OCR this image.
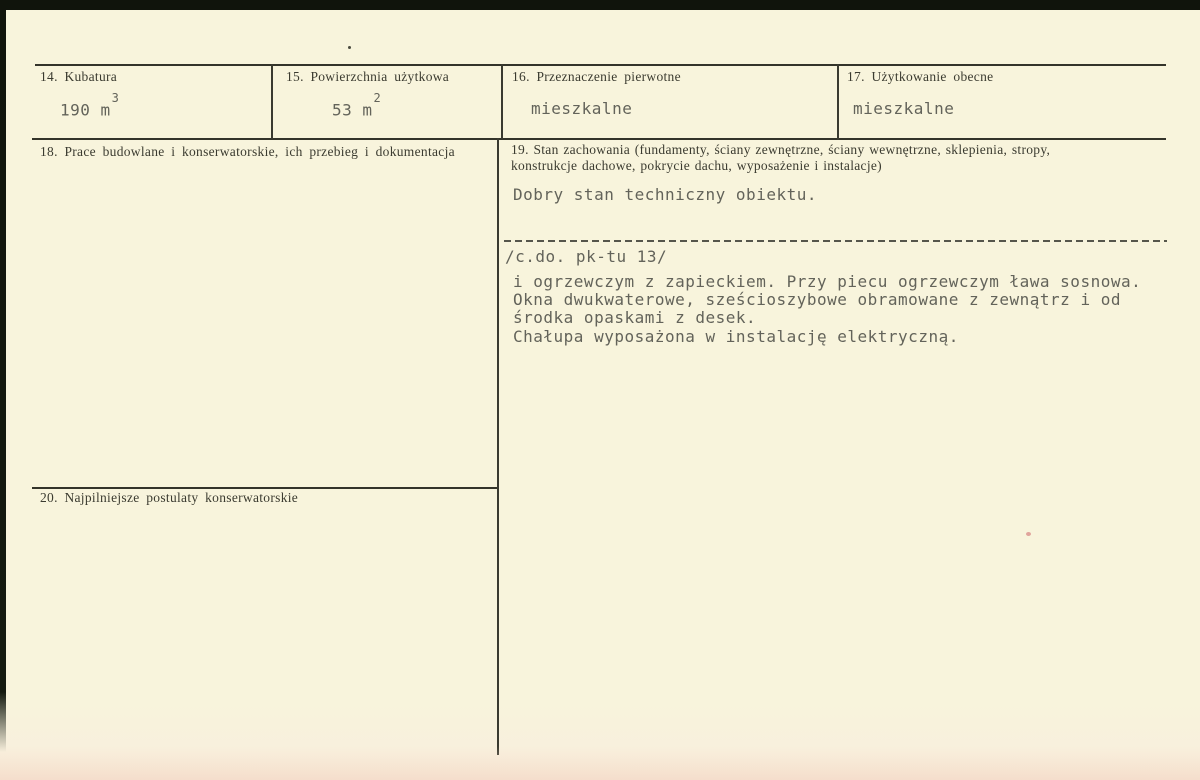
14. Kubatura
190 $m^3$
15. Powierzchnia użytkowa
53 $m^2$
16. Przeznaczenie pierwotne
mieszkalne
17. Użytkowanie obecne
mieszkalne
18. Prace budowlane i konserwatorskie, ich przebieg i dokumentacja	19. Stan zachowania (fundamenty, ściany zewnętrzne, ściany wewnętrzne, sklepienia, stropy,
konstrukcje dachowe, pokrycie dachu, wyposażenie i instalacje)
Dobry stan techniczny obiektu.
/c.do. pk-tu 13/
i ogrzewczym z zapieckiem. Przy piecu ogrzewczym ława sosnowa.
Okna dwukwaterowe, sześcioszybowe obramowane z zewnątrz i od
środka opaskami z desek.
Chałupa wyposażona w instalację elektryczną.
20. Najpilniejsze postulaty konserwatorskie
